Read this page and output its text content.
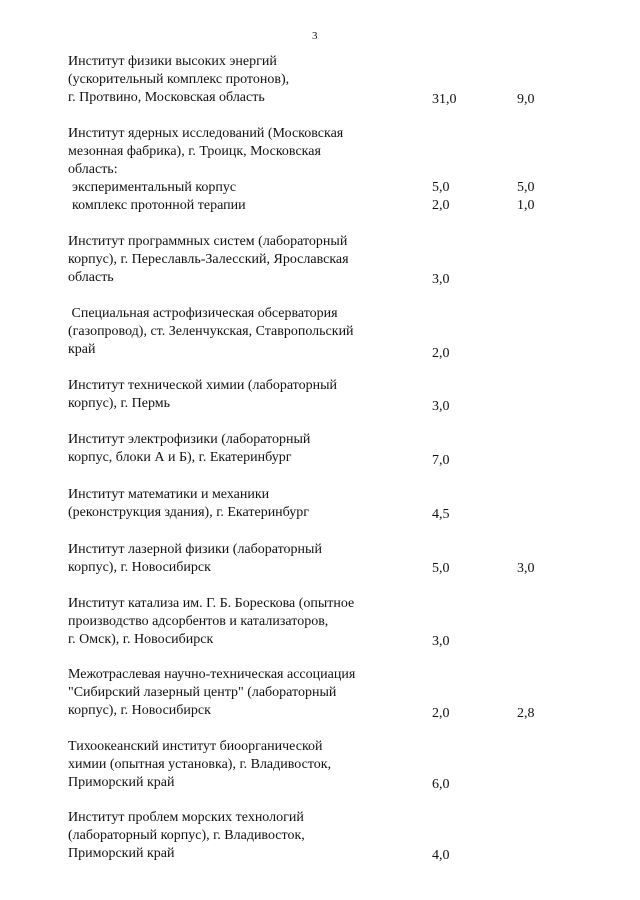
3
Институт физики высоких энергий
(ускорительный комплекс протонов),
г. Протвино, Московская область	31,0	9,0
Институт ядерных исследований (Московская
мезонная фабрика), г. Троицк, Московская
область:
экспериментальный корпус	5,0	5,0
комплекс протонной терапии	2,0	1,0
Институт программных систем (лабораторный
корпус), г. Переславль-Залесский, Ярославская
область	3,0
Специальная астрофизическая обсерватория
(газопровод), ст. Зеленчукская, Ставропольский
край	2,0
Институт технической химии (лабораторный
корпус), г. Пермь	3,0
Институт электрофизики (лабораторный
корпус, блоки А и Б), г. Екатеринбург	7,0
Институт математики и механики
(реконструкция здания), г. Екатеринбург	4,5
Институт лазерной физики (лабораторный
корпус), г. Новосибирск	5,0	3,0
Институт катализа им. Г. Б. Борескова (опытное
производство адсорбентов и катализаторов,
г. Омск), г. Новосибирск	3,0
Межотраслевая научно-техническая ассоциация
"Сибирский лазерный центр" (лабораторный
корпус), г. Новосибирск	2,0	2,8
Тихоокеанский институт биоорганической
химии (опытная установка), г. Владивосток,
Приморский край	6,0
Институт проблем морских технологий
(лабораторный корпус), г. Владивосток,
Приморский край	4,0
